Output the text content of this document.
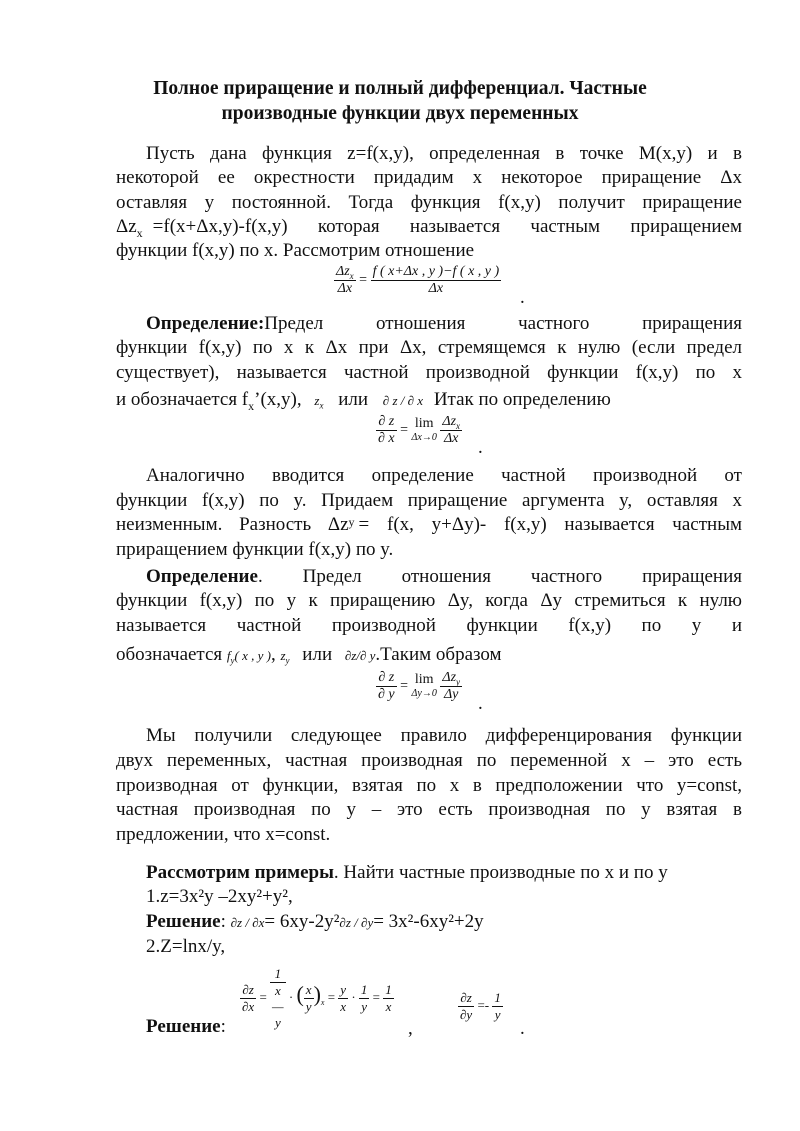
Полное приращение и полный дифференциал. Частные
производные функции двух переменных
Пусть дана функция z=f(x,y), определенная в точке M(x,y) и в
некоторой ее окрестности придадим x некоторое приращение Δx
оставляя y постоянной. Тогда функция f(x,y) получит приращение
$\Delta z_x =f(x+\Delta x,y)-f(x,y)$ которая называется частным приращением
функции f(x,y) по x. Рассмотрим отношение
$\frac{\Delta z_x}{\Delta x} = \frac{f ( x+\Delta x , y )-f ( x , y )}{\Delta x}$
.
Определение: Предел отношения частного приращения
функции f(x,y) по x к Δx при Δx, стремящемся к нулю (если предел
существует), называется частной производной функции f(x,y) по x
и обозначается $f_x’(x,y)$, $z_x$ или ∂ z / ∂ x Итак по определению
$\frac{\partial z}{\partial x} = \lim$
Δx→0
$\frac{\Delta z_x}{\Delta x}$
.
Аналогично вводится определение частной производной от
функции f(x,y) по y. Придаем приращение аргумента y, оставляя x
неизменным. Разность $\Delta z_y = f(x$, y+Δy)- f(x,y) называется частным
приращением функции f(x,y) по y.
Определение . Предел отношения частного приращения
функции f(x,y) по y к приращению Δy, когда Δy стремиться к нулю
называется частной производной функции f(x,y) по y и
обозначается $f_y$( x , y ), $z_y$ или ∂z/∂ y.Таким образом
$\frac{\partial z}{\partial y} = \lim$
Δy→0
$\frac{\Delta z_y}{\Delta y}$
.
Мы получили следующее правило дифференцирования функции
двух переменных, частная производная по переменной x – это есть
производная от функции, взятая по x в предположении что y=const,
частная производная по y – это есть производная по y взятая в
предложении, что x=const.
Рассмотрим примеры . Найти частные производные по x и по y
1.z=3x²y –2xy²+y²,
Решение: ∂z / ∂x= 6xy-2y²∂z / ∂y= 3x²-6xy²+2y
2.Z=lnx/y,
$\frac{\partial z}{\partial x}$ =
1
x
—
y
· ( $\frac{x}{y} )_x = \frac{y}{x} \cdot \frac{1}{y} = \frac{1}{x}$	$\frac{\partial z}{\partial y} =- \frac{1}{y}$
Решение:	,	.
